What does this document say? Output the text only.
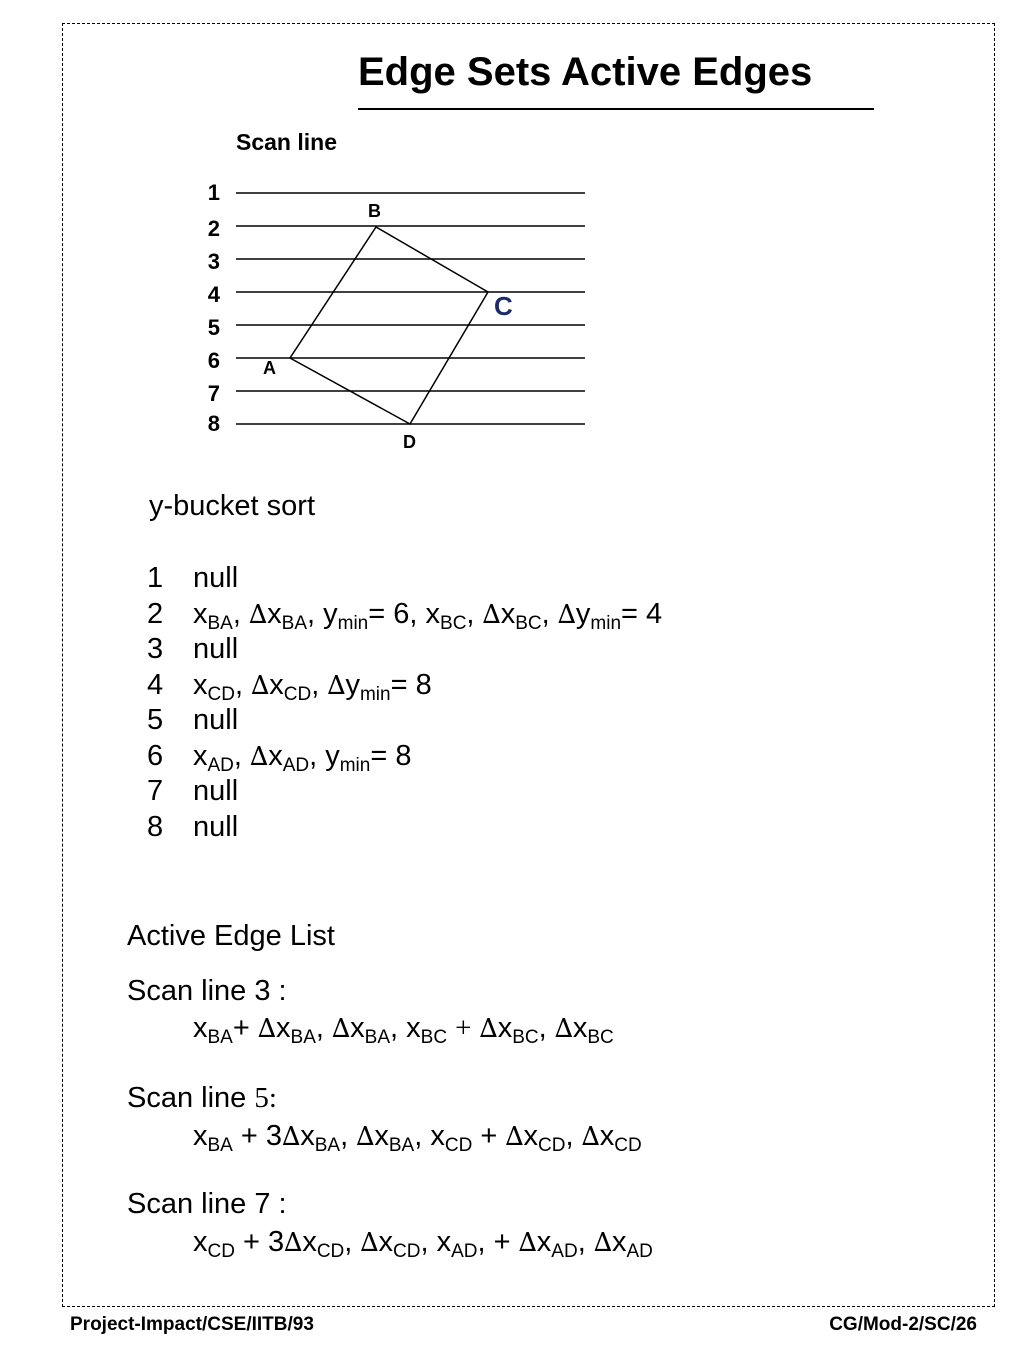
Edge Sets Active Edges
Scan line
1
2
3
4
5
6
7
8
B
C
A
D
y-bucket sort
1 null
2 $x_{BA}$, $\Delta x_{BA}$, $y_{min}= 6$, $x_{BC}$, $\Delta x_{BC}$, $\Delta y_{min}= 4$
3 null
4 $x_{CD}$, $\Delta x_{CD}$, $\Delta y_{min}= 8$
5 null
6 $x_{AD}$, $\Delta x_{AD}$, $y_{min}= 8$
7 null
8 null
Active Edge List
Scan line 3 :
$x_{BA}+ \Delta x_{BA}$, $\Delta x_{BA}$, $x_{BC} + \Delta x_{BC}$, $\Delta x_{BC}$
Scan line 5:
$x_{BA} + 3\Delta x_{BA}$, $\Delta x_{BA}$, $x_{CD} + \Delta x_{CD}$, $\Delta x_{CD}$
Scan line 7 :
$x_{CD} + 3\Delta x_{CD}$, $\Delta x_{CD}$, $x_{AD}$, + $\Delta x_{AD}$, $\Delta x_{AD}$
Project-Impact/CSE/IITB/93	CG/Mod-2/SC/26
